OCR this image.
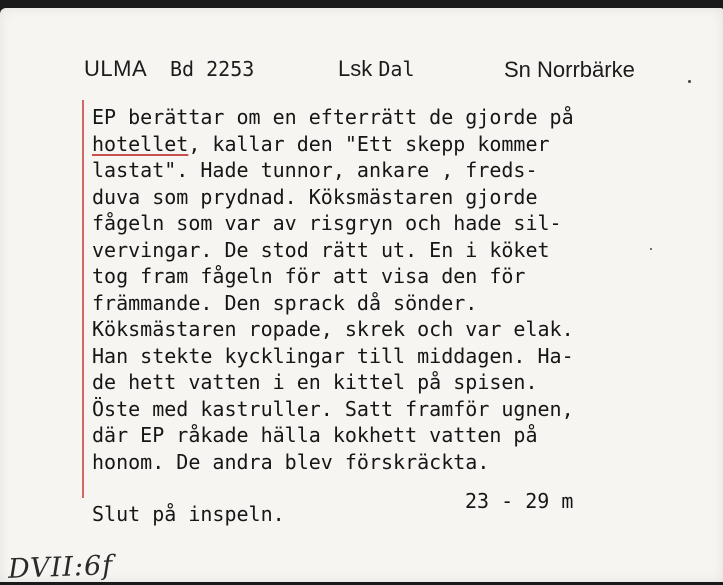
ULMA Bd 2253	Lsk Dal	Sn Norrbärke
EP berättar om en efterrätt de gjorde på
hotellet, kallar den "Ett skepp kommer
lastat". Hade tunnor, ankare , freds-
duva som prydnad. Köksmästaren gjorde
fågeln som var av risgryn och hade sil-
vervingar. De stod rätt ut. En i köket
tog fram fågeln för att visa den för
främmande. Den sprack då sönder.
Köksmästaren ropade, skrek och var elak.
Han stekte kycklingar till middagen. Ha-
de hett vatten i en kittel på spisen.
Öste med kastruller. Satt framför ugnen,
där EP råkade hälla kokhett vatten på
honom. De andra blev förskräckta.
Slut på inspeln.
23 - 29 m
DVII:6f
